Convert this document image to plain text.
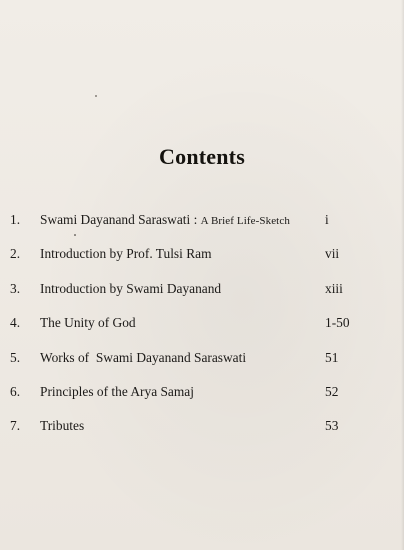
Contents
1.	Swami Dayanand Saraswati : A Brief Life-Sketch	i
2.	Introduction by Prof. Tulsi Ram	vii
3.	Introduction by Swami Dayanand	xiii
4.	The Unity of God	1-50
5.	Works of  Swami Dayanand Saraswati	51
6.	Principles of the Arya Samaj	52
7.	Tributes	53
